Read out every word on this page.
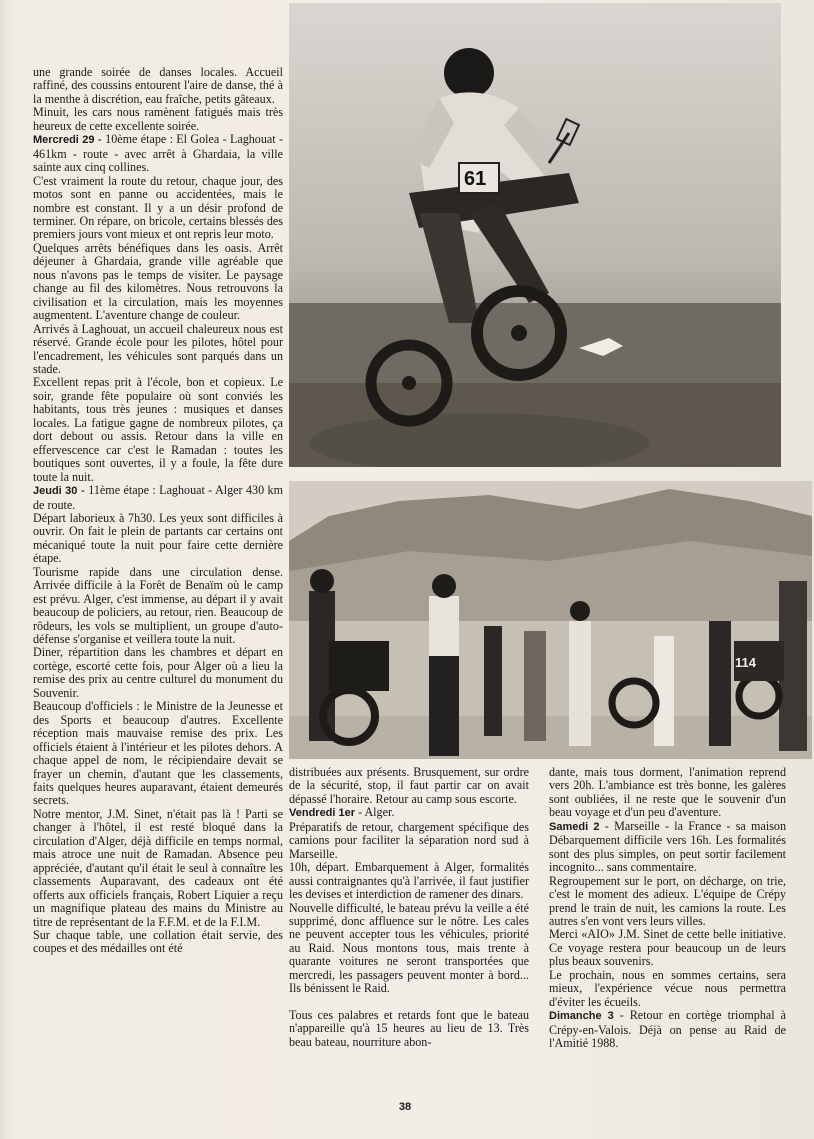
une grande soirée de danses locales. Accueil raffiné, des coussins entourent l'aire de danse, thé à la menthe à discrétion, eau fraîche, petits gâteaux.

Minuit, les cars nous ramènent fatigués mais très heureux de cette excellente soirée.

Mercredi 29 - 10ème étape : El Golea - Laghouat - 461km - route - avec arrêt à Ghardaia, la ville sainte aux cinq collines.

C'est vraiment la route du retour, chaque jour, des motos sont en panne ou accidentées, mais le nombre est constant. Il y a un désir profond de terminer. On répare, on bricole, certains blessés des premiers jours vont mieux et ont repris leur moto.

Quelques arrêts bénéfiques dans les oasis. Arrêt déjeuner à Ghardaia, grande ville agréable que nous n'avons pas le temps de visiter. Le paysage change au fil des kilomètres. Nous retrouvons la civilisation et la circulation, mais les moyennes augmentent. L'aventure change de couleur.

Arrivés à Laghouat, un accueil chaleureux nous est réservé. Grande école pour les pilotes, hôtel pour l'encadrement, les véhicules sont parqués dans un stade.

Excellent repas prit à l'école, bon et copieux. Le soir, grande fête populaire où sont conviés les habitants, tous très jeunes : musiques et danses locales. La fatigue gagne de nombreux pilotes, ça dort debout ou assis. Retour dans la ville en effervescence car c'est le Ramadan : toutes les boutiques sont ouvertes, il y a foule, la fête dure toute la nuit.

Jeudi 30 - 11ème étape : Laghouat - Alger 430 km de route.

Départ laborieux à 7h30. Les yeux sont difficiles à ouvrir. On fait le plein de partants car certains ont mécaniqué toute la nuit pour faire cette dernière étape.

Tourisme rapide dans une circulation dense. Arrivée difficile à la Forêt de Benaïm où le camp est prévu. Alger, c'est immense, au départ il y avait beaucoup de policiers, au retour, rien. Beaucoup de rôdeurs, les vols se multiplient, un groupe d'auto-défense s'organise et veillera toute la nuit.

Diner, répartition dans les chambres et départ en cortège, escorté cette fois, pour Alger où a lieu la remise des prix au centre culturel du monument du Souvenir.

Beaucoup d'officiels : le Ministre de la Jeunesse et des Sports et beaucoup d'autres. Excellente réception mais mauvaise remise des prix. Les officiels étaient à l'intérieur et les pilotes dehors. A chaque appel de nom, le récipiendaire devait se frayer un chemin, d'autant que les classements, faits quelques heures auparavant, étaient demeurés secrets.

Notre mentor, J.M. Sinet, n'était pas là ! Parti se changer à l'hôtel, il est resté bloqué dans la circulation d'Alger, déjà difficile en temps normal, mais atroce une nuit de Ramadan. Absence peu appréciée, d'autant qu'il était le seul à connaître les classements Auparavant, des cadeaux ont été offerts aux officiels français, Robert Liquier a reçu un magnifique plateau des mains du Ministre au titre de représentant de la F.F.M. et de la F.I.M.

Sur chaque table, une collation était servie, des coupes et des médailles ont été

61
114

distribuées aux présents. Brusquement, sur ordre de la sécurité, stop, il faut partir car on avait dépassé l'horaire. Retour au camp sous escorte.

Vendredi 1er - Alger.

Préparatifs de retour, chargement spécifique des camions pour faciliter la séparation nord sud à Marseille.

10h, départ. Embarquement à Alger, formalités aussi contraignantes qu'à l'arrivée, il faut justifier les devises et interdiction de ramener des dinars.

Nouvelle difficulté, le bateau prévu la veille a été supprimé, donc affluence sur le nôtre. Les cales ne peuvent accepter tous les véhicules, priorité au Raid. Nous montons tous, mais trente à quarante voitures ne seront transportées que mercredi, les passagers peuvent monter à bord... Ils bénissent le Raid.

Tous ces palabres et retards font que le bateau n'appareille qu'à 15 heures au lieu de 13. Très beau bateau, nourriture abon-

dante, mais tous dorment, l'animation reprend vers 20h. L'ambiance est très bonne, les galères sont oubliées, il ne reste que le souvenir d'un beau voyage et d'un peu d'aventure.

Samedi 2 - Marseille - la France - sa maison Débarquement difficile vers 16h. Les formalités sont des plus simples, on peut sortir facilement incognito... sans commentaire.

Regroupement sur le port, on décharge, on trie, c'est le moment des adieux. L'équipe de Crépy prend le train de nuit, les camions la route. Les autres s'en vont vers leurs villes.

Merci «AIO» J.M. Sinet de cette belle initiative. Ce voyage restera pour beaucoup un de leurs plus beaux souvenirs.

Le prochain, nous en sommes certains, sera mieux, l'expérience vécue nous permettra d'éviter les écueils.

Dimanche 3 - Retour en cortège triomphal à Crépy-en-Valois. Déjà on pense au Raid de l'Amitié 1988.

38
